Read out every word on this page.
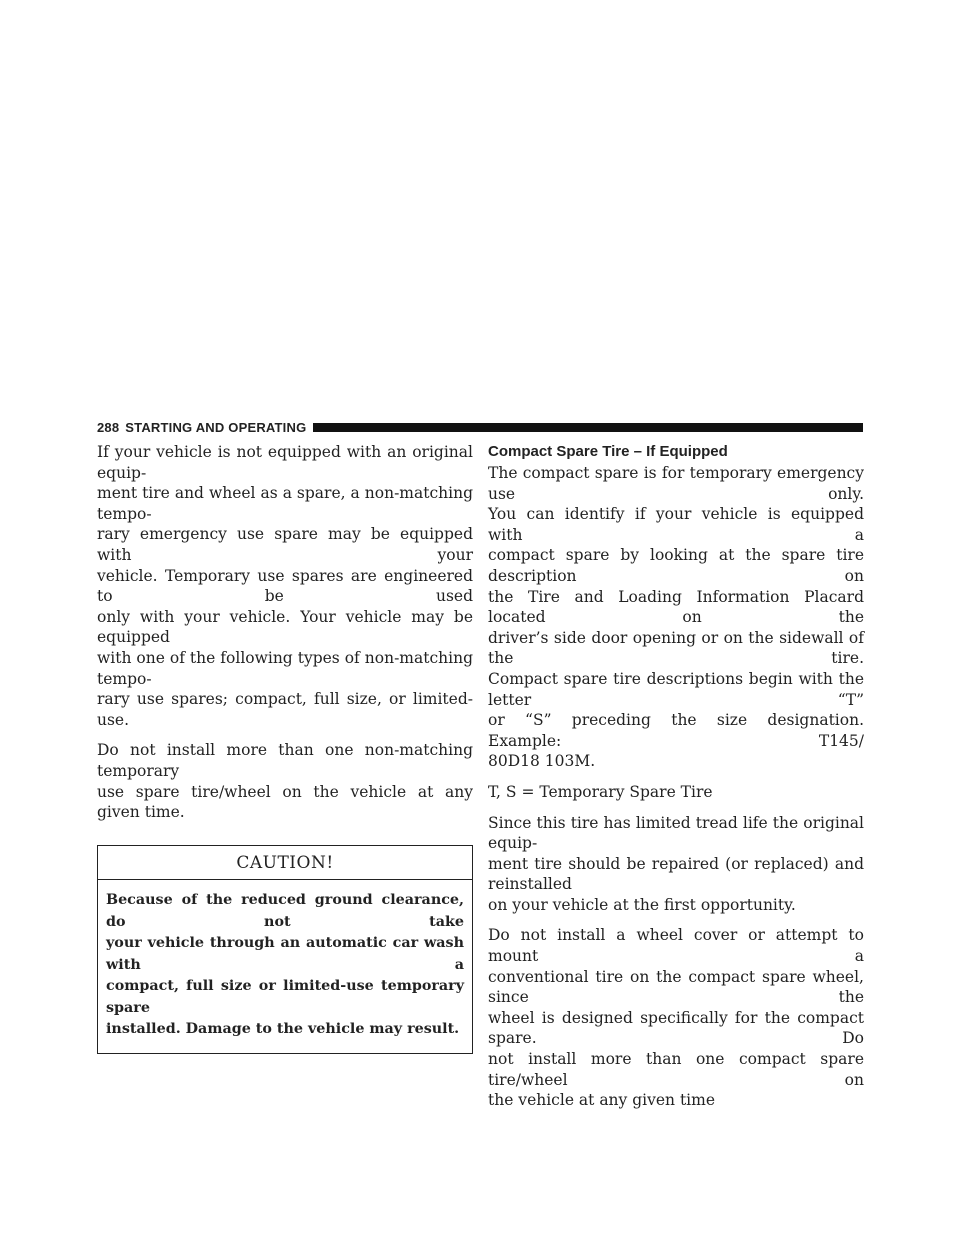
288 STARTING AND OPERATING

If your vehicle is not equipped with an original equip-
ment tire and wheel as a spare, a non-matching tempo-
rary emergency use spare may be equipped with your
vehicle. Temporary use spares are engineered to be used
only with your vehicle. Your vehicle may be equipped
with one of the following types of non-matching tempo-
rary use spares; compact, full size, or limited-use.

Do not install more than one non-matching temporary
use spare tire/wheel on the vehicle at any given time.

CAUTION!
Because of the reduced ground clearance, do not take
your vehicle through an automatic car wash with a
compact, full size or limited-use temporary spare
installed. Damage to the vehicle may result.
Compact Spare Tire – If Equipped

The compact spare is for temporary emergency use only.
You can identify if your vehicle is equipped with a
compact spare by looking at the spare tire description on
the Tire and Loading Information Placard located on the
driver’s side door opening or on the sidewall of the tire.
Compact spare tire descriptions begin with the letter “T”
or “S” preceding the size designation. Example: T145/
80D18 103M.

T, S = Temporary Spare Tire

Since this tire has limited tread life the original equip-
ment tire should be repaired (or replaced) and reinstalled
on your vehicle at the first opportunity.

Do not install a wheel cover or attempt to mount a
conventional tire on the compact spare wheel, since the
wheel is designed specifically for the compact spare. Do
not install more than one compact spare tire/wheel on
the vehicle at any given time
